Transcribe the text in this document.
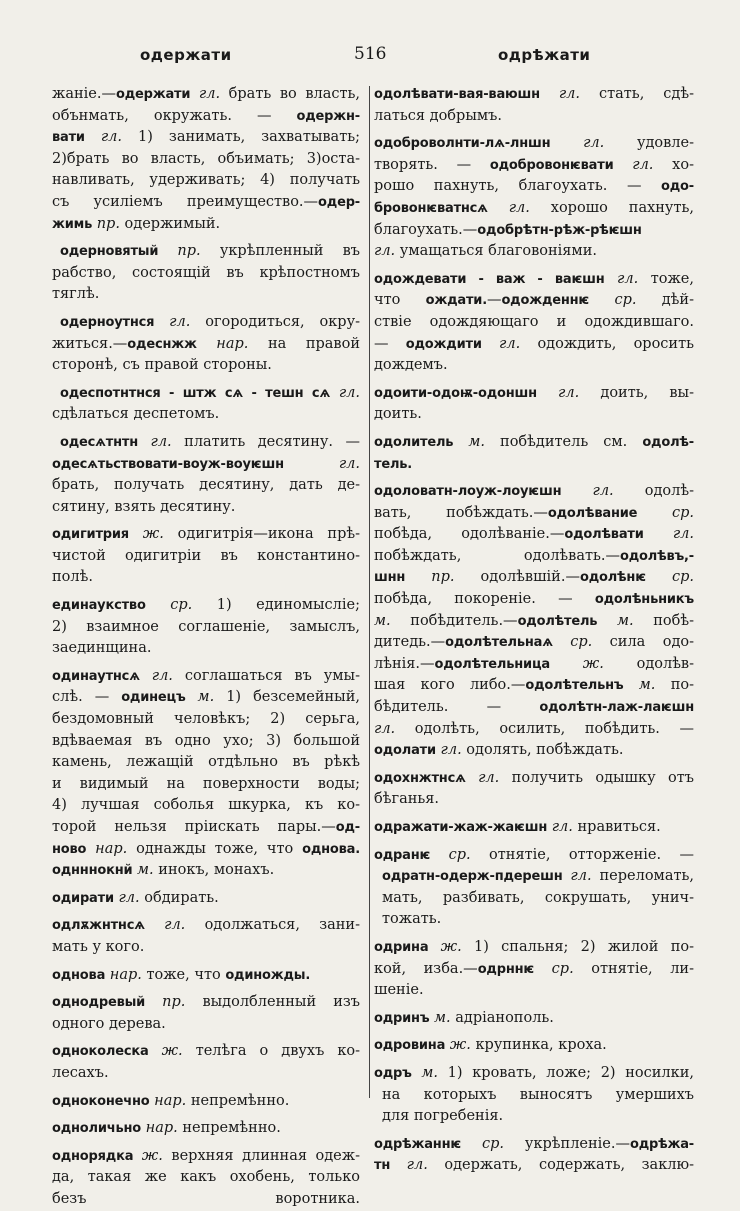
одержати	516	одрѣжати
жаніе.—одержати гл. брать во власть,
обънмать, окружать. — одержн-
вати гл. 1) занимать, захватывать;
2)брать во власть, объимать; 3)оста-
навливать, удерживать; 4) получать
съ усиліемъ преимущество.—одер-
жимь пр. одержимый.
одерновятый пр. укрѣпленный въ
рабство, состоящій въ крѣпостномъ
тяглѣ.
одерноутнся гл. огородиться, окру-
житься.—одеснжж нар. на правой
сторонѣ, съ правой стороны.
одеспотнтнся - штж сѧ - тешн сѧ гл.
сдѣлаться деспетомъ.
одесѧтнтн гл. платить десятину. —
одесѧтьствовати-воуж-воуѥшн гл.
брать, получать десятину, дать де-
сятину, взять десятину.
одигитрия ж. одигитрія—икона прѣ-
чистой одигитріи въ константино-
полѣ.
единаукство ср. 1) единомысліе;
2) взаимное соглашеніе, замыслъ,
заединщина.
одинаутнсѧ гл. соглашаться въ умы-
слѣ. — одинецъ м. 1) безсемейный,
бездомовный человѣкъ; 2) серьга,
вдѣваемая въ одно ухо; 3) большой
камень, лежащій отдѣльно въ рѣкѣ
и видимый на поверхности воды;
4) лучшая соболья шкурка, къ ко-
торой нельзя пріискать пары.—од-
ново нар. однажды тоже, что однова.
однннокнй м. инокъ, монахъ.
одирати гл. обдирать.
одлѫжнтнсѧ гл. одолжаться, зани-
мать у кого.
однова нар. тоже, что одиножды.
однодревый пр. выдолбленный изъ
одного дерева.
одноколеска ж. телѣга о двухъ ко-
лесахъ.
одноконечно нар. непремѣнно.
одноличьно нар. непремѣнно.
однорядка ж. верхняя длинная одеж-
да, такая же какъ охобень, только
безъ воротника.
одолѣвати-вая-ваюшн гл. стать, сдѣ-
латься добрымъ.
одоброволнти-лѧ-лншн гл. удовле-
творять. — одобровонѥвати гл. хо-
рошо пахнуть, благоухать. — одо-
бровонѥватнсѧ гл. хорошо пахнуть,
благоухать.—одобрѣтн-рѣж-рѣѥшн
гл. умащаться благовоніями.
одождевати - важ - ваѥшн гл. тоже,
что ождати.—одожденнѥ ср. дѣй-
ствіе одождяющаго и одождившаго.
— одождити гл. одождить, оросить
дождемъ.
одоити-одоѭ-одоншн гл. доить, вы-
доить.
одолитель м. побѣдитель см. одолѣ-
тель.
одоловатн-лоуж-лоуѥшн гл. одолѣ-
вать, побѣждать.—одолѣвание ср.
побѣда, одолѣваніе.—одолѣвати гл.
побѣждать, одолѣвать.—одолѣвъ,-
шнн пр. одолѣвшій.—одолѣнѥ ср.
побѣда, покореніе. — одолѣньникъ
м. побѣдитель.—одолѣтель м. побѣ-
дитедь.—одолѣтельнаѧ ср. сила одо-
лѣнія.—одолѣтельница ж. одолѣв-
шая кого либо.—одолѣтельнъ м. по-
бѣдитель. — одолѣтн-лаж-лаѥшн
гл. одолѣть, осилить, побѣдить. —
одолати гл. одолять, побѣждать.
одохнжтнсѧ гл. получить одышку отъ
бѣганья.
одражати-жаж-жаѥшн гл. нравиться.
одранѥ ср. отнятіе, отторженіе. —
одратн-одерж-пдерешн гл. переломать,
мать, разбивать, сокрушать, унич-
тожать.
одрина ж. 1) спальня; 2) жилой по-
кой, изба.—одрннѥ ср. отнятіе, ли-
шеніе.
одринъ м. адріанополь.
одровина ж. крупинка, кроха.
одръ м. 1) кровать, ложе; 2) носилки,
на которыхъ выносятъ умершихъ
для погребенія.
одрѣжаннѥ ср. укрѣпленіе.—одрѣжа-
тн гл. одержать, содержать, заклю-
